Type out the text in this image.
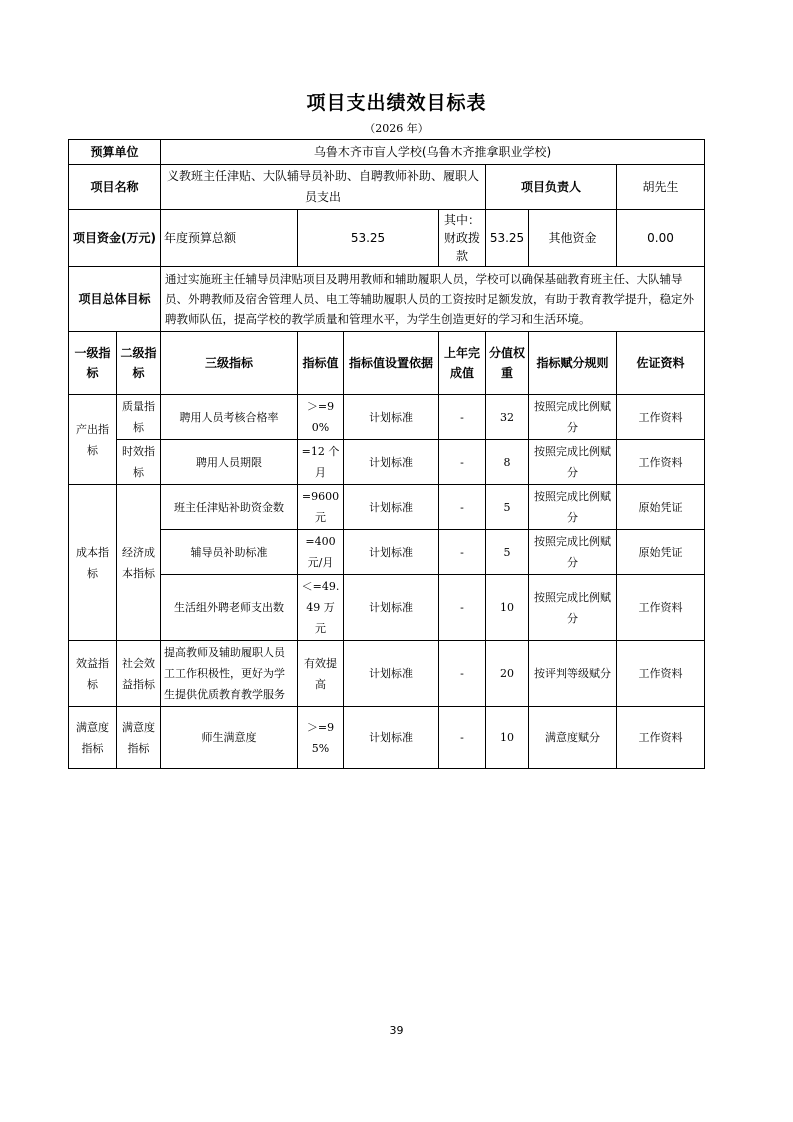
项目支出绩效目标表
（2026 年）
预算单位		乌鲁木齐市盲人学校(乌鲁木齐推拿职业学校)						
项目名称		义教班主任津贴、大队辅导员补助、自聘教师补助、履职人员支出				项目负责人		胡先生
项目资金(万元)		年度预算总额	53.25		其中：财政拨款	53.25	其他资金	0.00
项目总体目标		通过实施班主任辅导员津贴项目及聘用教师和辅助履职人员，学校可以确保基础教育班主任、大队辅导员、外聘教师及宿舍管理人员、电工等辅助履职人员的工资按时足额发放，有助于教育教学提升，稳定外聘教师队伍，提高学校的教学质量和管理水平，为学生创造更好的学习和生活环境。						
一级指标	二级指标	三级指标	指标值	指标值设置依据	上年完成值	分值权重	指标赋分规则	佐证资料
产出指标	质量指标	聘用人员考核合格率	＞=90%	计划标准	-	32	按照完成比例赋分	工作资料
	时效指标	聘用人员期限	=12 个月	计划标准	-	8	按照完成比例赋分	工作资料
成本指标	经济成本指标	班主任津贴补助资金数	=9600 元	计划标准	-	5	按照完成比例赋分	原始凭证
		辅导员补助标准	=400 元/月	计划标准	-	5	按照完成比例赋分	原始凭证
		生活组外聘老师支出数	＜=49.49 万元	计划标准	-	10	按照完成比例赋分	工作资料
效益指标	社会效益指标	提高教师及辅助履职人员工工作积极性，更好为学生提供优质教育教学服务	有效提高	计划标准	-	20	按评判等级赋分	工作资料
满意度指标	满意度指标	师生满意度	＞=95%	计划标准	-	10	满意度赋分	工作资料
39
